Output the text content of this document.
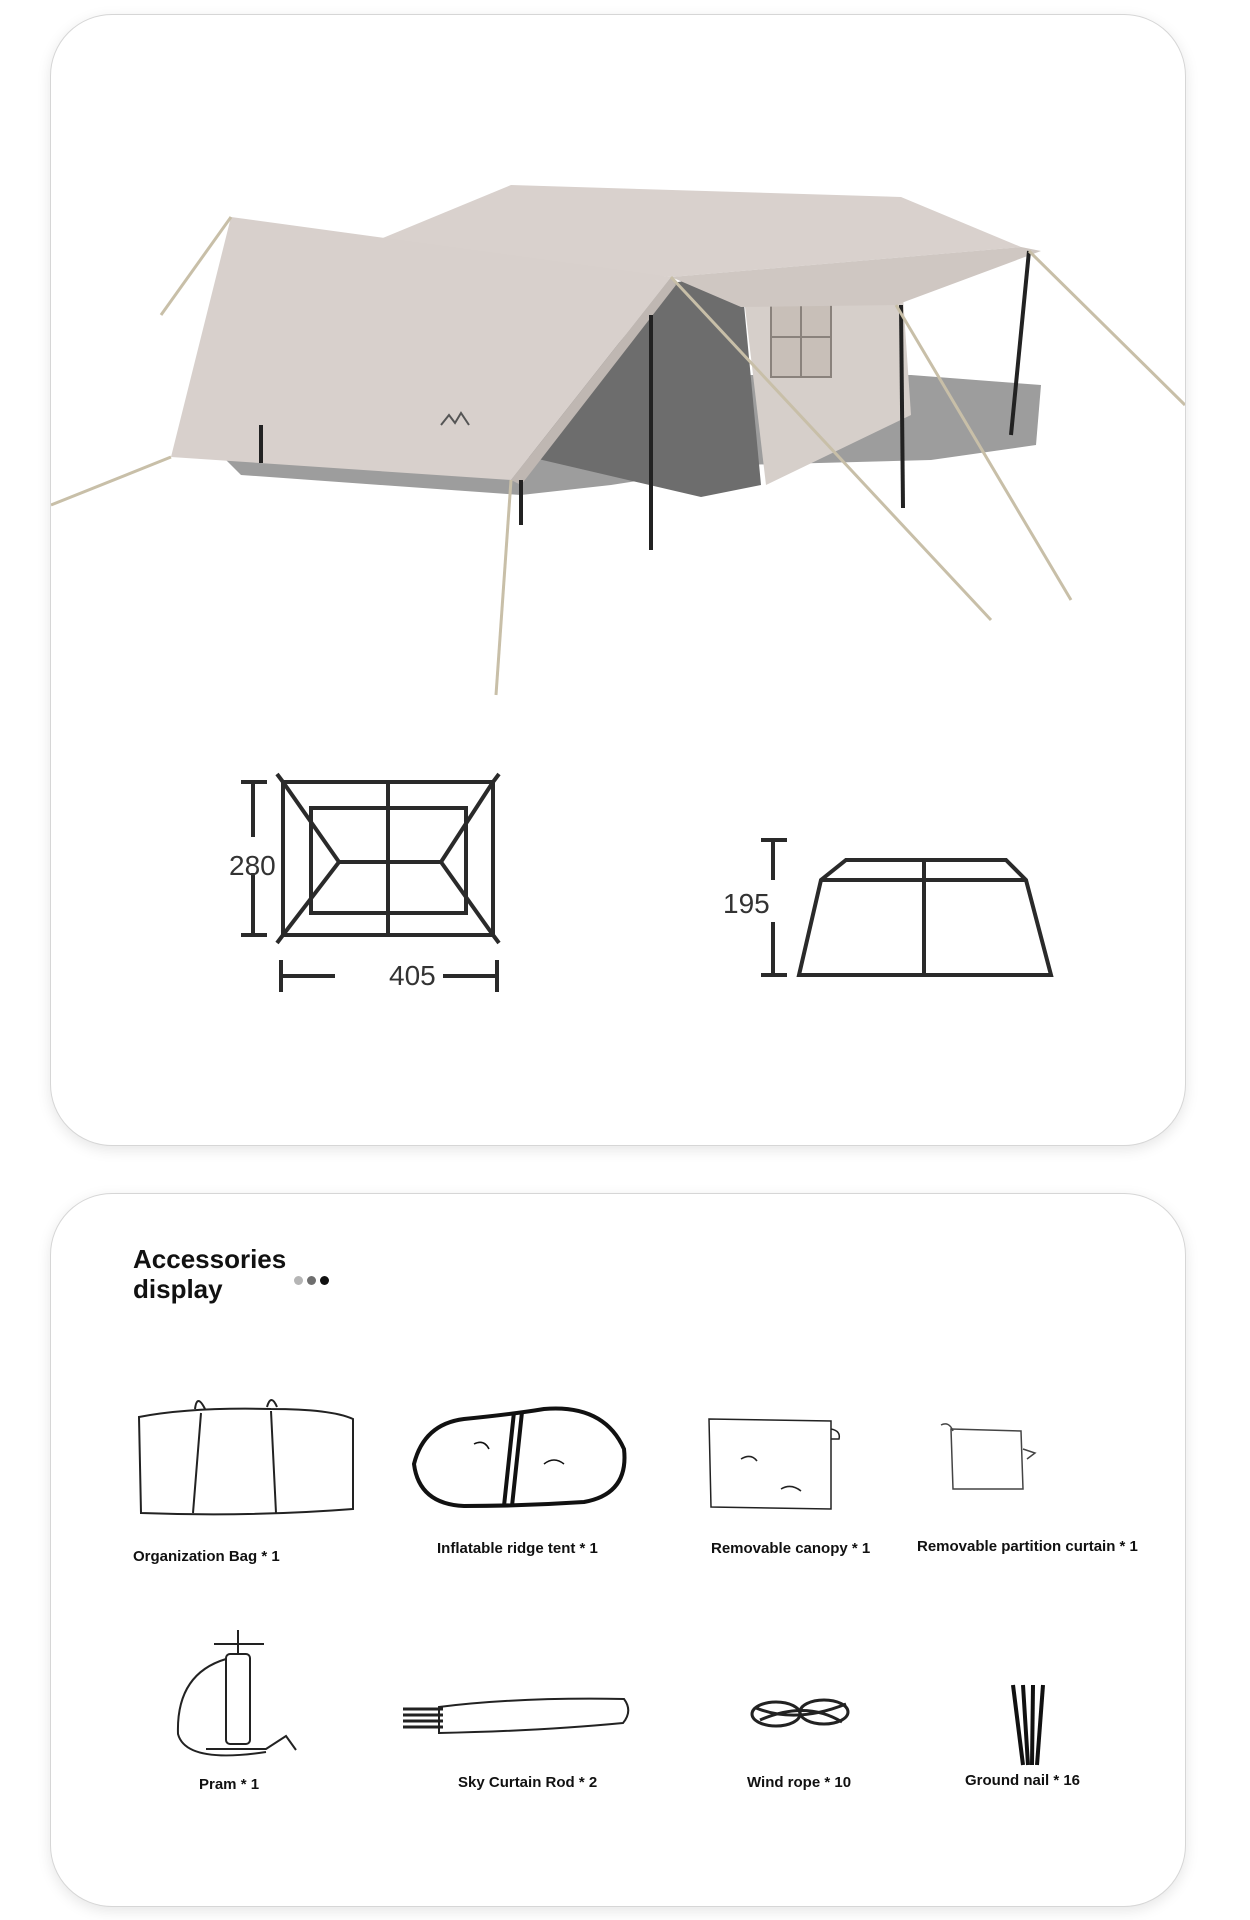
280
405
195
Accessories
display
Organization Bag * 1	Inflatable ridge tent * 1	Removable canopy * 1	Removable partition curtain * 1
Pram * 1	Sky Curtain Rod * 2	Wind rope * 10	Ground nail * 16
